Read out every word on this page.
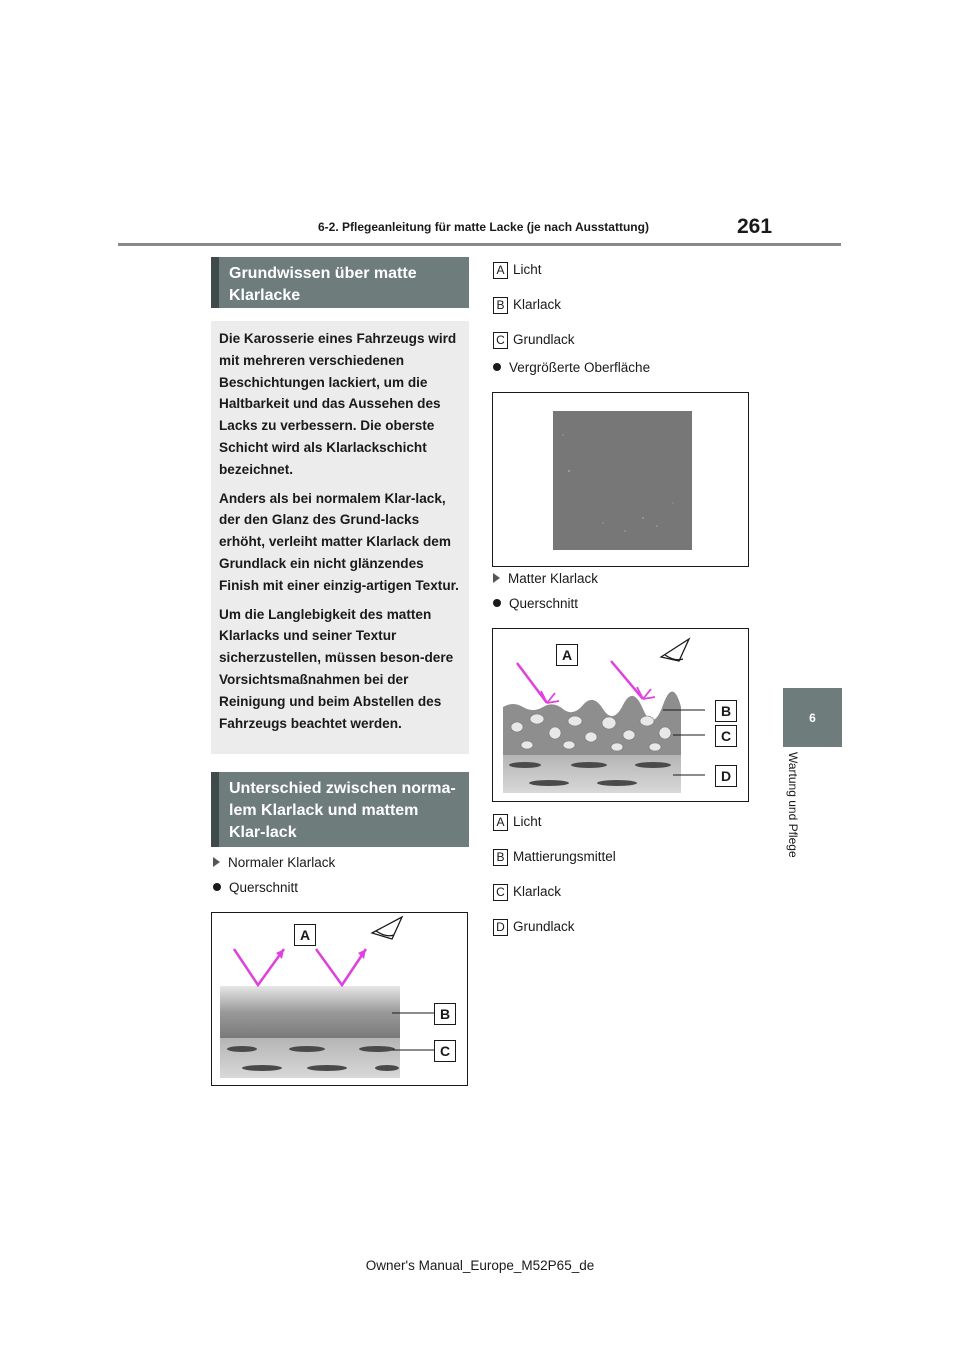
6-2. Pflegeanleitung für matte Lacke (je nach Ausstattung)	261
6
Wartung und Pflege
Grundwissen über matte Klarlacke

Die Karosserie eines Fahrzeugs wird mit mehreren verschiedenen Beschichtungen lackiert, um die Haltbarkeit und das Aussehen des Lacks zu verbessern. Die oberste Schicht wird als Klarlackschicht bezeichnet.

Anders als bei normalem Klar-lack, der den Glanz des Grund-lacks erhöht, verleiht matter Klarlack dem Grundlack ein nicht glänzendes Finish mit einer einzig-artigen Textur.

Um die Langlebigkeit des matten Klarlacks und seiner Textur sicherzustellen, müssen beson-dere Vorsichtsmaßnahmen bei der Reinigung und beim Abstellen des Fahrzeugs beachtet werden.

Unterschied zwischen norma-lem Klarlack und mattem Klar-lack
Normaler Klarlack
Querschnitt
A
B
C
A Licht
B Klarlack
C Grundlack
Vergrößerte Oberfläche
Matter Klarlack
Querschnitt
A
B
C
D
A Licht
B Mattierungsmittel
C Klarlack
D Grundlack
Owner's Manual_Europe_M52P65_de
